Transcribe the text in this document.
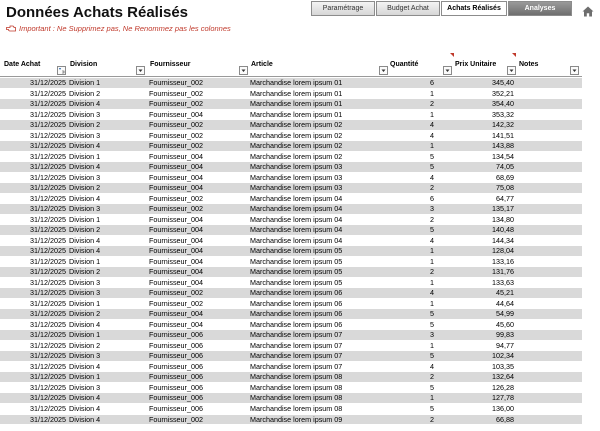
Données Achats Réalisés
Important : Ne Supprimez pas, Ne Renommez pas les colonnes
Paramétrage	Budget Achat	Achats Réalisés	Analyses
Date Achat	Division	Fournisseur	Article	Quantité	Prix Unitaire	Notes
31/12/2025 Division 1	Fournisseur_002	Marchandise lorem ipsum 01	6	345,40
31/12/2025 Division 2	Fournisseur_002	Marchandise lorem ipsum 01	1	352,21
31/12/2025 Division 4	Fournisseur_002	Marchandise lorem ipsum 01	2	354,40
31/12/2025 Division 3	Fournisseur_004	Marchandise lorem ipsum 01	1	353,32
31/12/2025 Division 2	Fournisseur_002	Marchandise lorem ipsum 02	4	142,32
31/12/2025 Division 3	Fournisseur_002	Marchandise lorem ipsum 02	4	141,51
31/12/2025 Division 4	Fournisseur_002	Marchandise lorem ipsum 02	1	143,88
31/12/2025 Division 1	Fournisseur_004	Marchandise lorem ipsum 02	5	134,54
31/12/2025 Division 4	Fournisseur_004	Marchandise lorem ipsum 03	5	74,05
31/12/2025 Division 3	Fournisseur_004	Marchandise lorem ipsum 03	4	68,69
31/12/2025 Division 2	Fournisseur_004	Marchandise lorem ipsum 03	2	75,08
31/12/2025 Division 4	Fournisseur_002	Marchandise lorem ipsum 04	6	64,77
31/12/2025 Division 3	Fournisseur_002	Marchandise lorem ipsum 04	3	135,17
31/12/2025 Division 1	Fournisseur_004	Marchandise lorem ipsum 04	2	134,80
31/12/2025 Division 2	Fournisseur_004	Marchandise lorem ipsum 04	5	140,48
31/12/2025 Division 4	Fournisseur_004	Marchandise lorem ipsum 04	4	144,34
31/12/2025 Division 4	Fournisseur_004	Marchandise lorem ipsum 05	1	128,04
31/12/2025 Division 1	Fournisseur_004	Marchandise lorem ipsum 05	1	133,16
31/12/2025 Division 2	Fournisseur_004	Marchandise lorem ipsum 05	2	131,76
31/12/2025 Division 3	Fournisseur_004	Marchandise lorem ipsum 05	1	133,63
31/12/2025 Division 3	Fournisseur_002	Marchandise lorem ipsum 06	4	45,21
31/12/2025 Division 1	Fournisseur_002	Marchandise lorem ipsum 06	1	44,64
31/12/2025 Division 2	Fournisseur_004	Marchandise lorem ipsum 06	5	54,99
31/12/2025 Division 4	Fournisseur_004	Marchandise lorem ipsum 06	5	45,60
31/12/2025 Division 1	Fournisseur_006	Marchandise lorem ipsum 07	3	99,83
31/12/2025 Division 2	Fournisseur_006	Marchandise lorem ipsum 07	1	94,77
31/12/2025 Division 3	Fournisseur_006	Marchandise lorem ipsum 07	5	102,34
31/12/2025 Division 4	Fournisseur_006	Marchandise lorem ipsum 07	4	103,35
31/12/2025 Division 1	Fournisseur_006	Marchandise lorem ipsum 08	2	132,64
31/12/2025 Division 3	Fournisseur_006	Marchandise lorem ipsum 08	5	126,28
31/12/2025 Division 4	Fournisseur_006	Marchandise lorem ipsum 08	1	127,78
31/12/2025 Division 4	Fournisseur_006	Marchandise lorem ipsum 08	5	136,00
31/12/2025 Division 4	Fournisseur_002	Marchandise lorem ipsum 09	2	66,88
